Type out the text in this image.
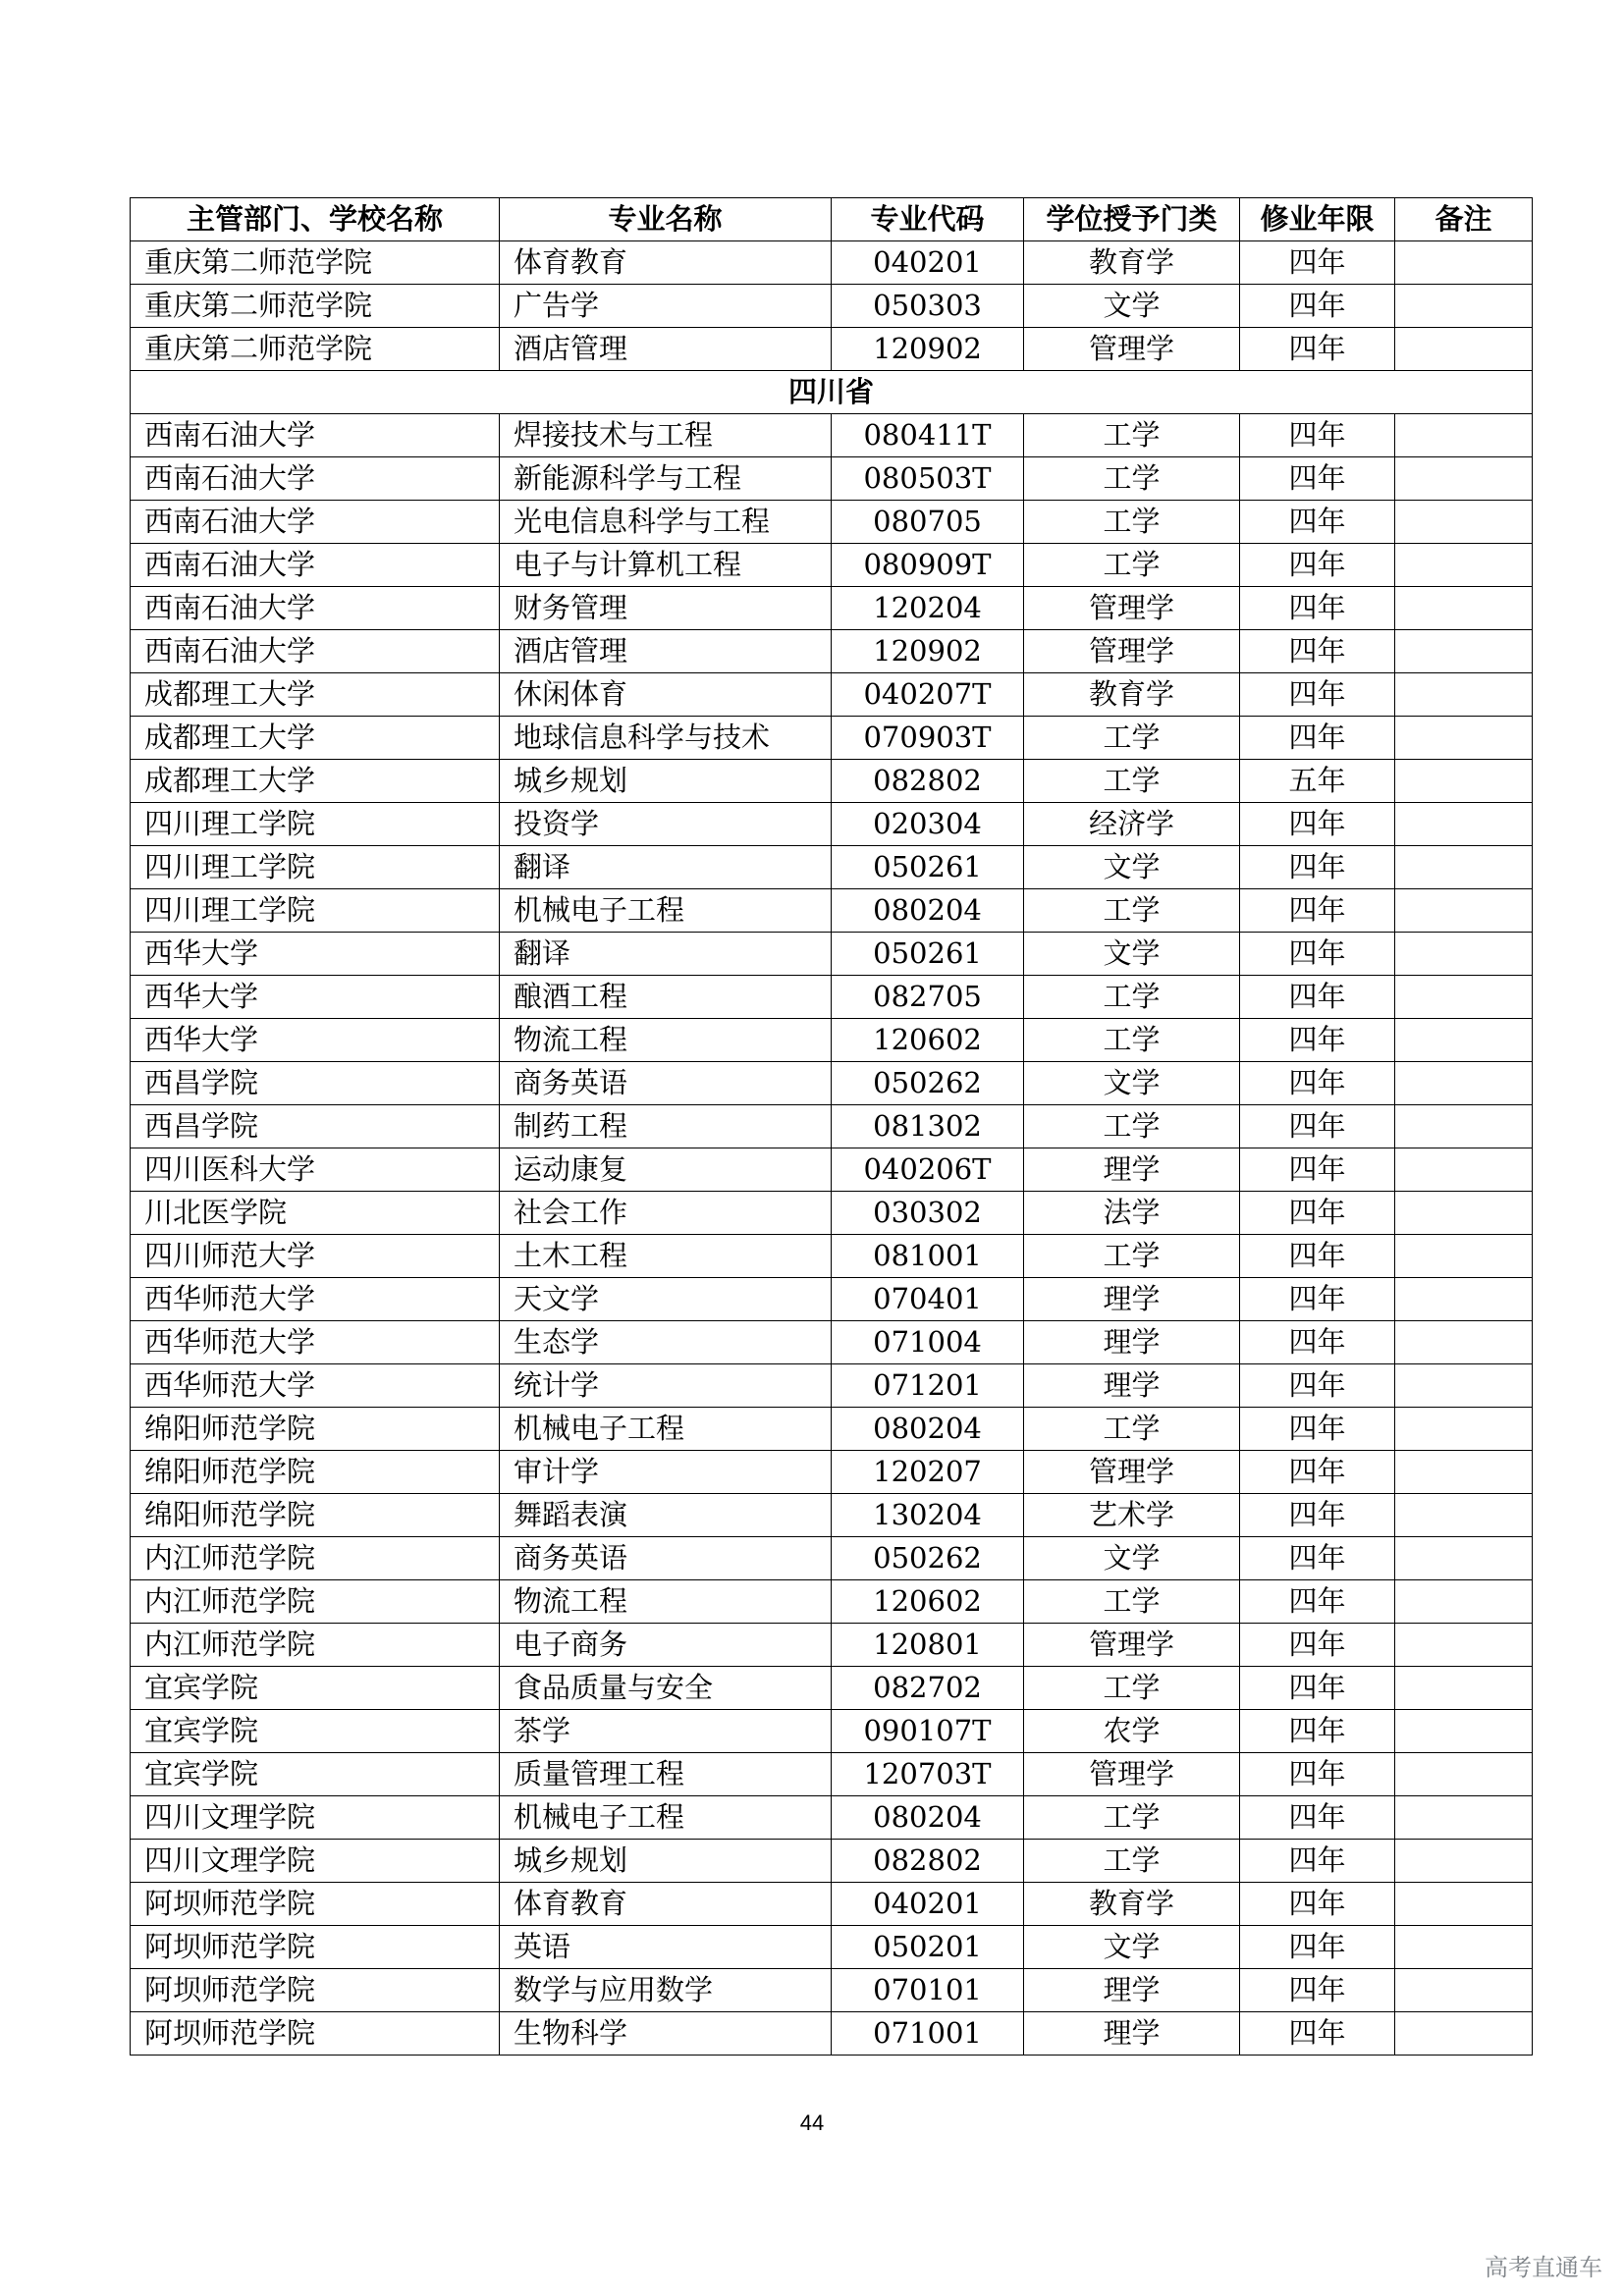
主管部门、学校名称	专业名称	专业代码	学位授予门类	修业年限	备注
重庆第二师范学院	体育教育	040201	教育学	四年	
重庆第二师范学院	广告学	050303	文学	四年	
重庆第二师范学院	酒店管理	120902	管理学	四年	
四川省					
西南石油大学	焊接技术与工程	080411T	工学	四年	
西南石油大学	新能源科学与工程	080503T	工学	四年	
西南石油大学	光电信息科学与工程	080705	工学	四年	
西南石油大学	电子与计算机工程	080909T	工学	四年	
西南石油大学	财务管理	120204	管理学	四年	
西南石油大学	酒店管理	120902	管理学	四年	
成都理工大学	休闲体育	040207T	教育学	四年	
成都理工大学	地球信息科学与技术	070903T	工学	四年	
成都理工大学	城乡规划	082802	工学	五年	
四川理工学院	投资学	020304	经济学	四年	
四川理工学院	翻译	050261	文学	四年	
四川理工学院	机械电子工程	080204	工学	四年	
西华大学	翻译	050261	文学	四年	
西华大学	酿酒工程	082705	工学	四年	
西华大学	物流工程	120602	工学	四年	
西昌学院	商务英语	050262	文学	四年	
西昌学院	制药工程	081302	工学	四年	
四川医科大学	运动康复	040206T	理学	四年	
川北医学院	社会工作	030302	法学	四年	
四川师范大学	土木工程	081001	工学	四年	
西华师范大学	天文学	070401	理学	四年	
西华师范大学	生态学	071004	理学	四年	
西华师范大学	统计学	071201	理学	四年	
绵阳师范学院	机械电子工程	080204	工学	四年	
绵阳师范学院	审计学	120207	管理学	四年	
绵阳师范学院	舞蹈表演	130204	艺术学	四年	
内江师范学院	商务英语	050262	文学	四年	
内江师范学院	物流工程	120602	工学	四年	
内江师范学院	电子商务	120801	管理学	四年	
宜宾学院	食品质量与安全	082702	工学	四年	
宜宾学院	茶学	090107T	农学	四年	
宜宾学院	质量管理工程	120703T	管理学	四年	
四川文理学院	机械电子工程	080204	工学	四年	
四川文理学院	城乡规划	082802	工学	四年	
阿坝师范学院	体育教育	040201	教育学	四年	
阿坝师范学院	英语	050201	文学	四年	
阿坝师范学院	数学与应用数学	070101	理学	四年	
阿坝师范学院	生物科学	071001	理学	四年	
44
高考直通车
